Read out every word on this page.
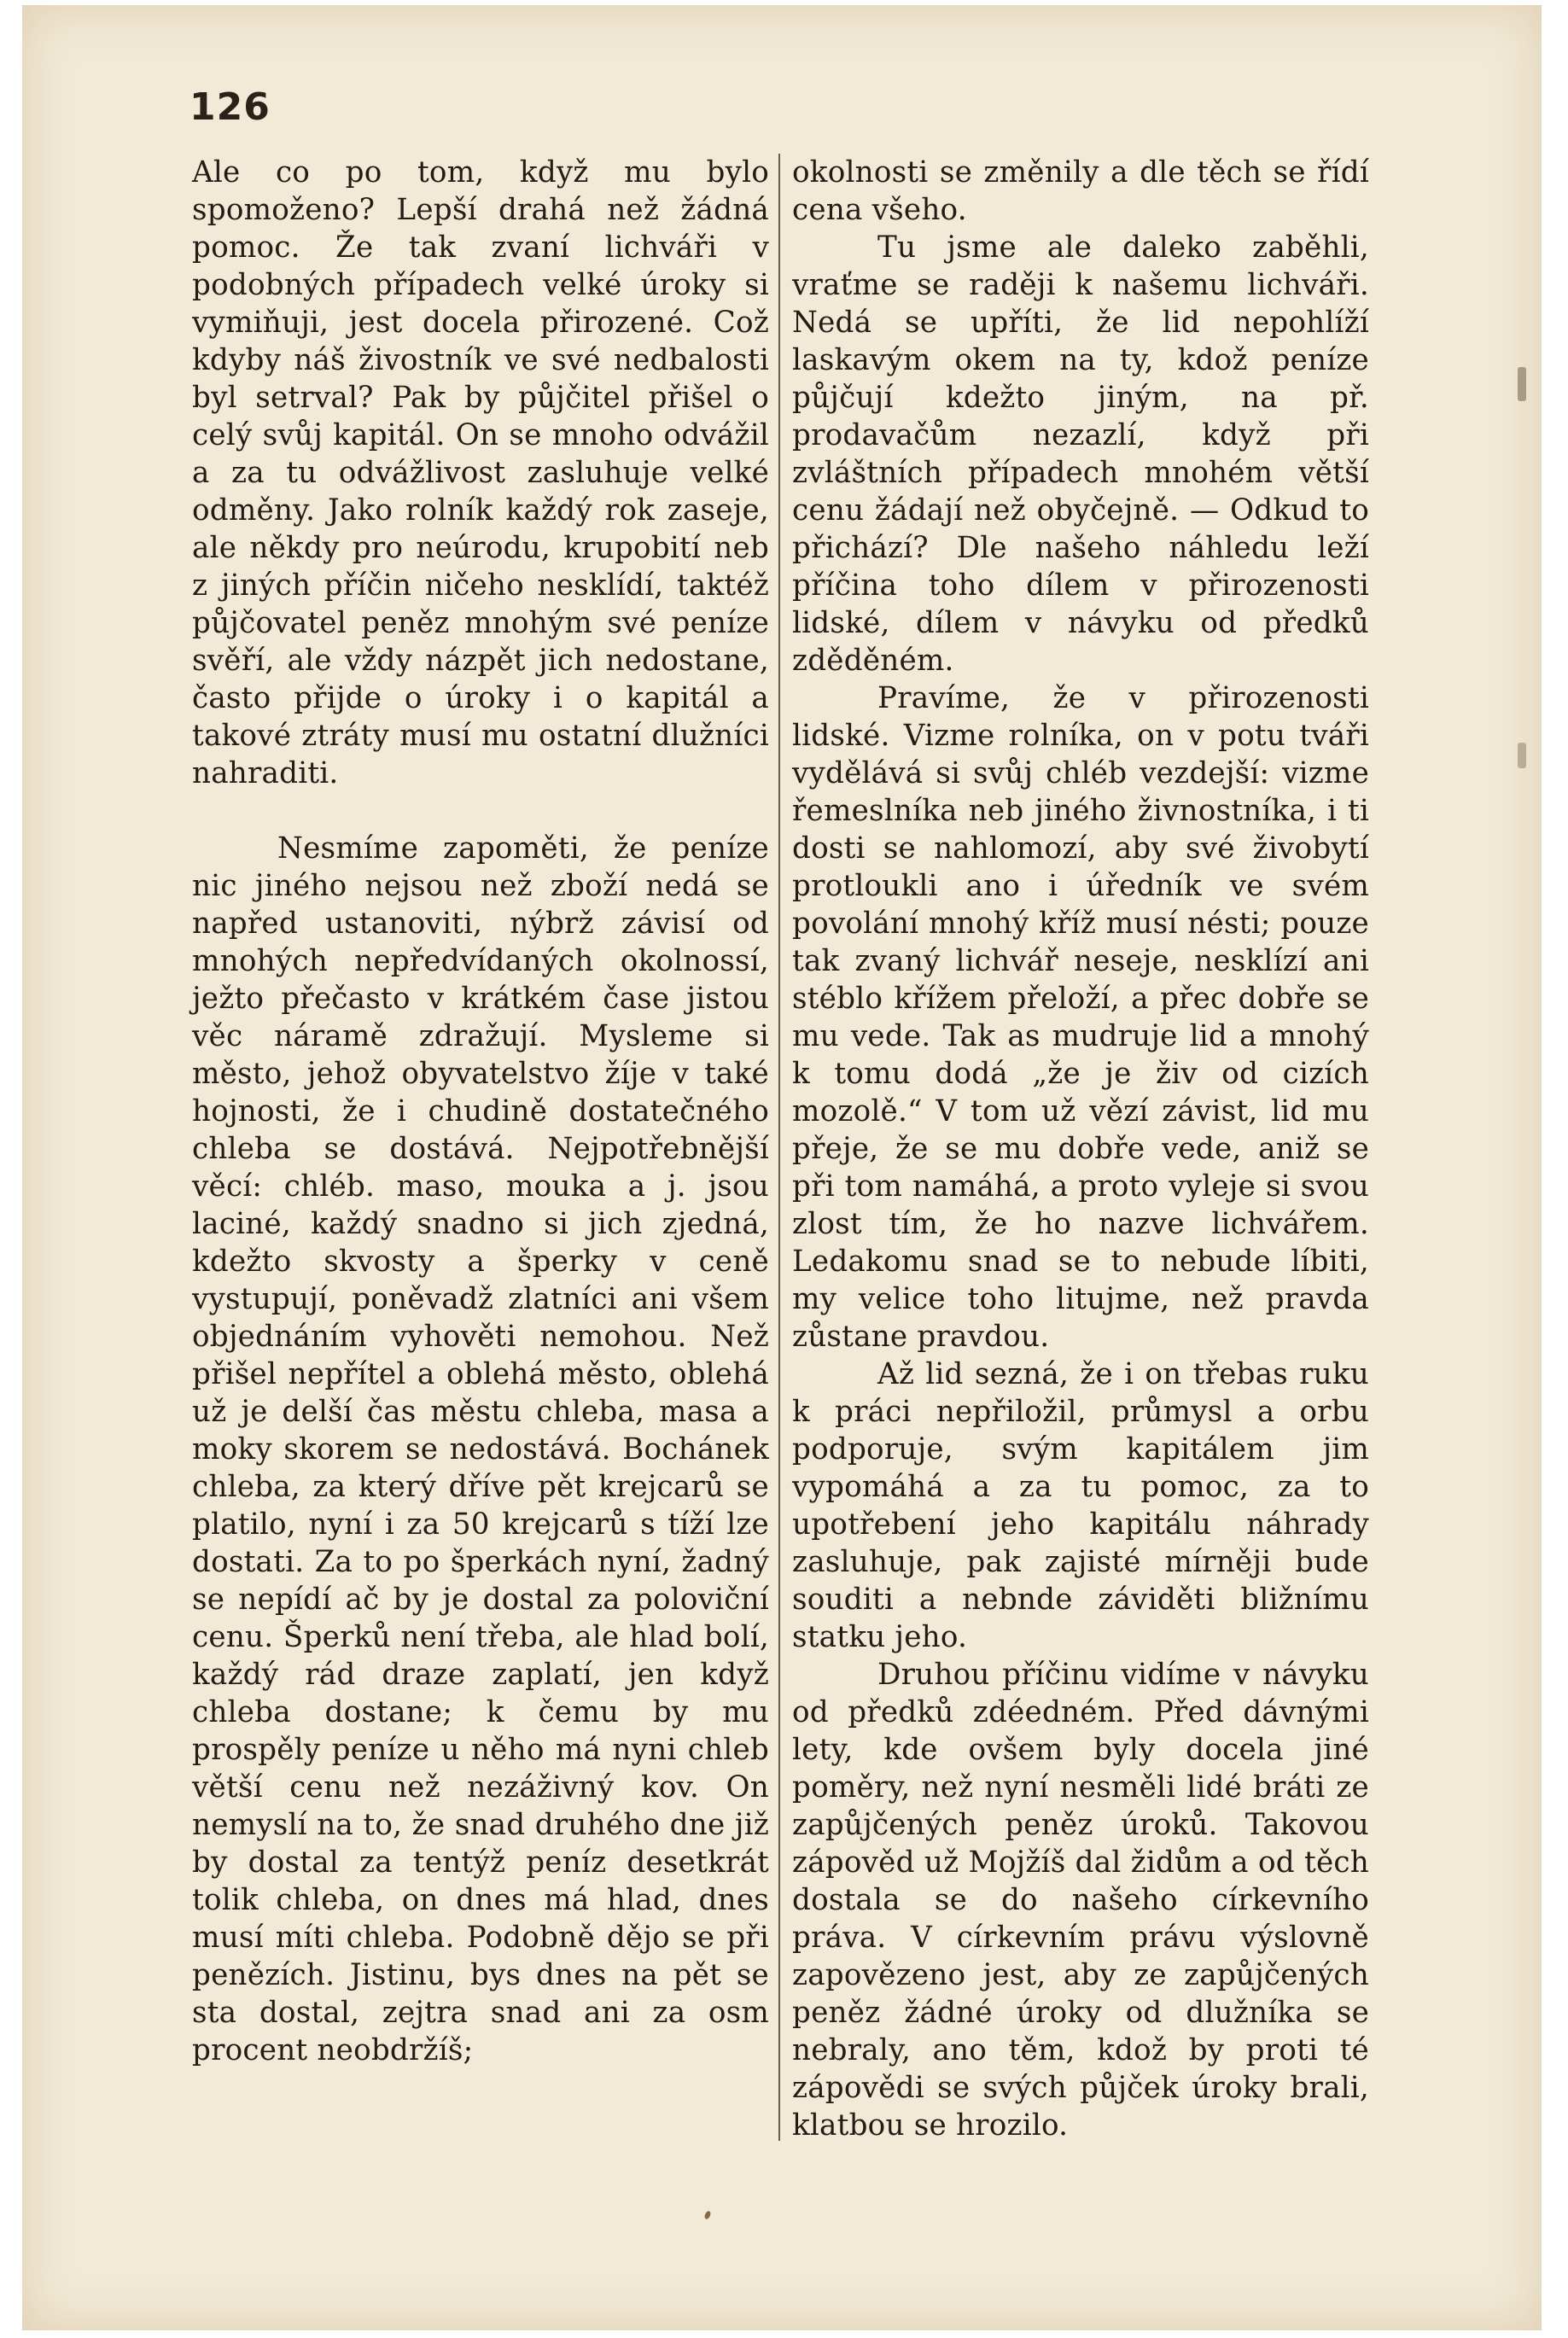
126

Ale co po tom, když mu bylo spomoženo? Lepší drahá než žádná pomoc. Že tak zvaní lichváři v podobných případech velké úroky si vymiňuji, jest docela přirozené. Což kdyby náš živostník ve své nedbalosti byl setrval? Pak by půjčitel přišel o celý svůj kapitál. On se mnoho odvážil a za tu odvážlivost zasluhuje velké odměny. Jako rolník každý rok zaseje, ale někdy pro neúrodu, krupobití neb z jiných příčin ničeho nesklídí, taktéž půjčovatel peněz mnohým své peníze svěří, ale vždy názpět jich nedostane, často přijde o úroky i o kapitál a takové ztráty musí mu ostatní dlužníci nahraditi.

Nesmíme zapoměti, že peníze nic jiného nejsou než zboží nedá se napřed ustanoviti, nýbrž závisí od mnohých nepředvídaných okolnossí, ježto přečasto v krátkém čase jistou věc náramě zdražují. Mysleme si město, jehož obyvatelstvo žíje v také hojnosti, že i chudině dostatečného chleba se dostává. Nejpotřebnější věcí: chléb. maso, mouka a j. jsou laciné, každý snadno si jich zjedná, kdežto skvosty a šperky v ceně vystupují, poněvadž zlatníci ani všem objednáním vyhověti nemohou. Než přišel nepřítel a oblehá město, oblehá už je delší čas městu chleba, masa a moky skorem se nedostává. Bochánek chleba, za který dříve pět krejcarů se platilo, nyní i za 50 krejcarů s tíží lze dostati. Za to po šperkách nyní, žadný se nepídí ač by je dostal za poloviční cenu. Šperků není třeba, ale hlad bolí, každý rád draze zaplatí, jen když chleba dostane; k čemu by mu prospěly peníze u něho má nyni chleb větší cenu než nezáživný kov. On nemyslí na to, že snad druhého dne již by dostal za tentýž peníz desetkrát tolik chleba, on dnes má hlad, dnes musí míti chleba. Podobně dějo se při penězích. Jistinu, bys dnes na pět se sta dostal, zejtra snad ani za osm procent neobdržíš;

okolnosti se změnily a dle těch se řídí cena všeho.

Tu jsme ale daleko zaběhli, vraťme se raději k našemu lichváři. Nedá se upříti, že lid nepohlíží laskavým okem na ty, kdož peníze půjčují kdežto jiným, na př. prodavačům nezazlí, když při zvláštních případech mnohém větší cenu žádají než obyčejně. — Odkud to přichází? Dle našeho náhledu leží příčina toho dílem v přirozenosti lidské, dílem v návyku od předků zděděném.

Pravíme, že v přirozenosti lidské. Vizme rolníka, on v potu tváři vydělává si svůj chléb vezdejší: vizme řemeslníka neb jiného živnostníka, i ti dosti se nahlomozí, aby své živobytí protloukli ano i úředník ve svém povolání mnohý kříž musí nésti; pouze tak zvaný lichvář neseje, nesklízí ani stéblo křížem přeloží, a přec dobře se mu vede. Tak as mudruje lid a mnohý k tomu dodá „že je živ od cizích mozolě.“ V tom už vězí závist, lid mu přeje, že se mu dobře vede, aniž se při tom namáhá, a proto vyleje si svou zlost tím, že ho nazve lichvářem. Ledakomu snad se to nebude líbiti, my velice toho litujme, než pravda zůstane pravdou.

Až lid sezná, že i on třebas ruku k práci nepřiložil, průmysl a orbu podporuje, svým kapitálem jim vypomáhá a za tu pomoc, za to upotřebení jeho kapitálu náhrady zasluhuje, pak zajisté mírněji bude souditi a nebnde záviděti bližnímu statku jeho.

Druhou příčinu vidíme v návyku od předků zdéedném. Před dávnými lety, kde ovšem byly docela jiné poměry, než nyní nesměli lidé bráti ze zapůjčených peněz úroků. Takovou zápověd už Mojžíš dal židům a od těch dostala se do našeho církevního práva. V církevním právu výslovně zapovězeno jest, aby ze zapůjčených peněz žádné úroky od dlužníka se nebraly, ano těm, kdož by proti té zápovědi se svých půjček úroky brali, klatbou se hrozilo.
